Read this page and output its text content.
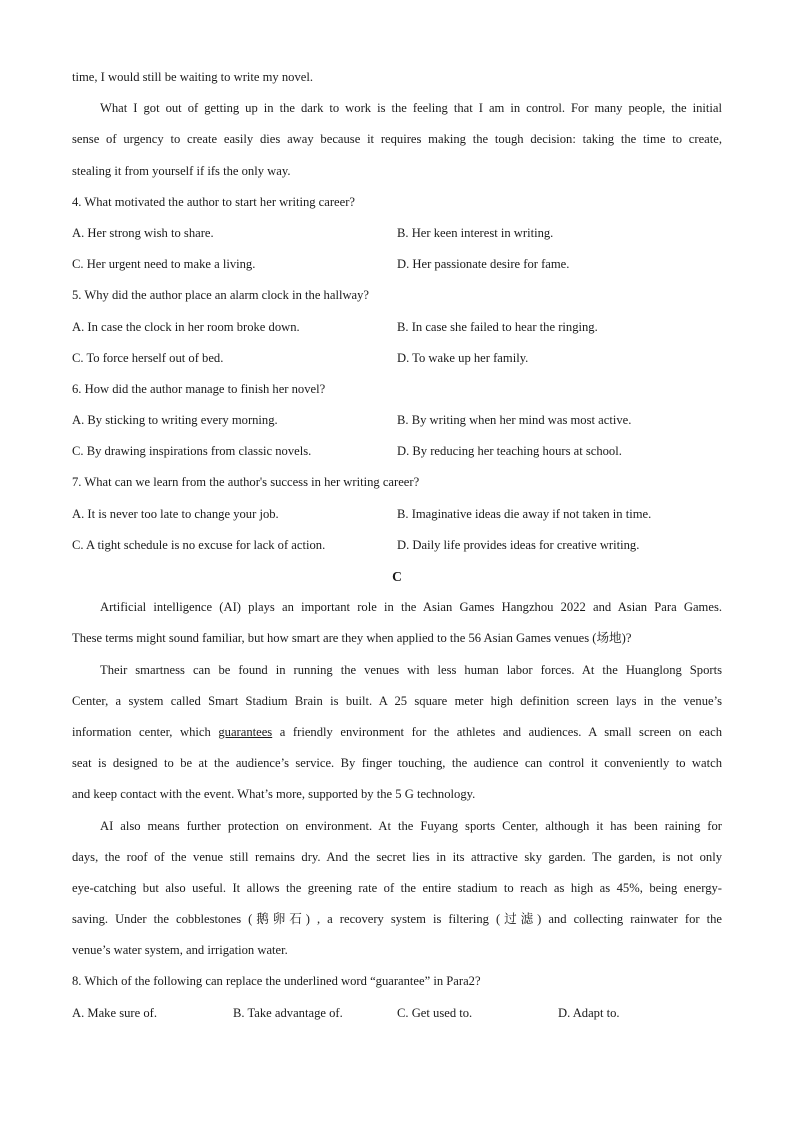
time, I would still be waiting to write my novel.
What I got out of getting up in the dark to work is the feeling that I am in control. For many people, the initial
sense of urgency to create easily dies away because it requires making the tough decision: taking the time to create,
stealing it from yourself if ifs the only way.
4. What motivated the author to start her writing career?
A. Her strong wish to share.	B. Her keen interest in writing.
C. Her urgent need to make a living.	D. Her passionate desire for fame.
5. Why did the author place an alarm clock in the hallway?
A. In case the clock in her room broke down.	B. In case she failed to hear the ringing.
C. To force herself out of bed.	D. To wake up her family.
6. How did the author manage to finish her novel?
A. By sticking to writing every morning.	B. By writing when her mind was most active.
C. By drawing inspirations from classic novels.	D. By reducing her teaching hours at school.
7. What can we learn from the author's success in her writing career?
A. It is never too late to change your job.	B. Imaginative ideas die away if not taken in time.
C. A tight schedule is no excuse for lack of action.	D. Daily life provides ideas for creative writing.
C
Artificial intelligence (AI) plays an important role in the Asian Games Hangzhou 2022 and Asian Para Games.
These terms might sound familiar, but how smart are they when applied to the 56 Asian Games venues (场地)?
Their smartness can be found in running the venues with less human labor forces. At the Huanglong Sports
Center, a system called Smart Stadium Brain is built. A 25 square meter high definition screen lays in the venue’s
information center, which guarantees a friendly environment for the athletes and audiences. A small screen on each
seat is designed to be at the audience’s service. By finger touching, the audience can control it conveniently to watch
and keep contact with the event. What’s more, supported by the 5 G technology.
AI also means further protection on environment. At the Fuyang sports Center, although it has been raining for
days, the roof of the venue still remains dry. And the secret lies in its attractive sky garden. The garden, is not only
eye-catching but also useful. It allows the greening rate of the entire stadium to reach as high as 45%, being energy-
saving. Under the cobblestones (鹅卵石) , a recovery system is filtering (过滤) and collecting rainwater for the
venue’s water system, and irrigation water.
8. Which of the following can replace the underlined word “guarantee” in Para2?
A. Make sure of.	B. Take advantage of.	C. Get used to.	D. Adapt to.
